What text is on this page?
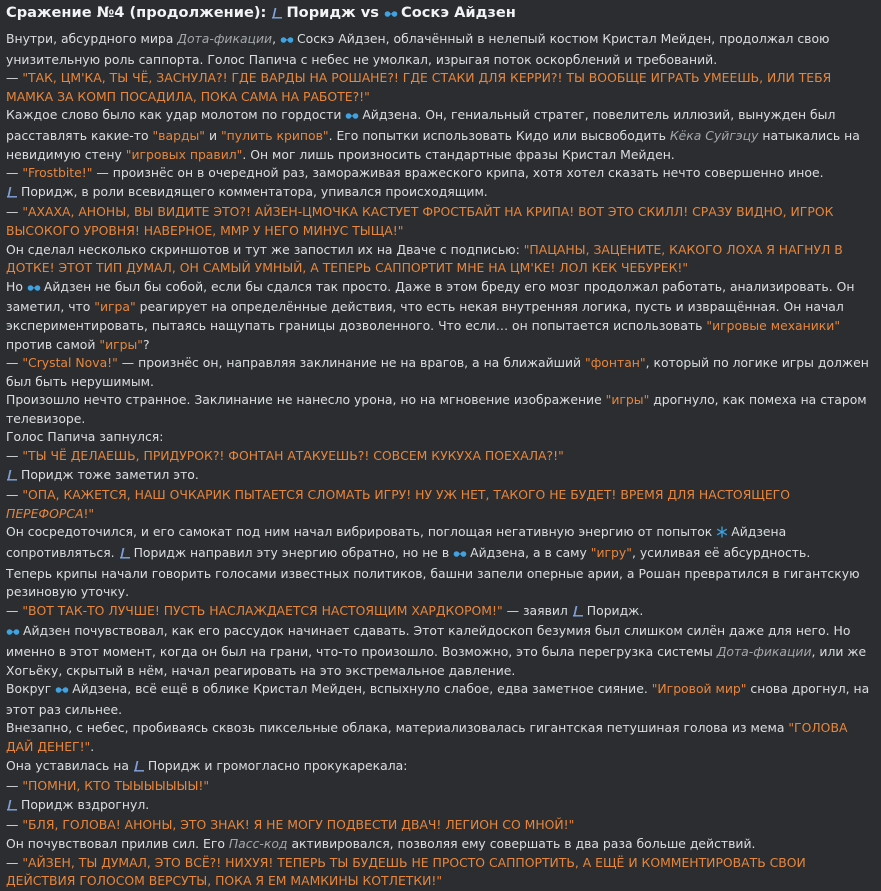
Сражение №4 (продолжение): Поридж vs Соскэ Айдзен
Внутри, абсурдного мира Дота-фикации, Соскэ Айдзен, облачённый в нелепый костюм Кристал Мейден, продолжал свою унизительную роль саппорта. Голос Папича с небес не умолкал, изрыгая поток оскорблений и требований.
— "ТАК, ЦМ'КА, ТЫ ЧЁ, ЗАСНУЛА?! ГДЕ ВАРДЫ НА РОШАНЕ?! ГДЕ СТАКИ ДЛЯ КЕРРИ?! ТЫ ВООБЩЕ ИГРАТЬ УМЕЕШЬ, ИЛИ ТЕБЯ МАМКА ЗА КОМП ПОСАДИЛА, ПОКА САМА НА РАБОТЕ?!"
Каждое слово было как удар молотом по гордости Айдзена. Он, гениальный стратег, повелитель иллюзий, вынужден был расставлять какие-то "варды" и "пулить крипов". Его попытки использовать Кидо или высвободить Кёка Суйгэцу натыкались на невидимую стену "игровых правил". Он мог лишь произносить стандартные фразы Кристал Мейден.
— "Frostbite!" — произнёс он в очередной раз, замораживая вражеского крипа, хотя хотел сказать нечто совершенно иное.
Поридж, в роли всевидящего комментатора, упивался происходящим.
— "АХАХА, АНОНЫ, ВЫ ВИДИТЕ ЭТО?! АЙЗЕН-ЦМОЧКА КАСТУЕТ ФРОСТБАЙТ НА КРИПА! ВОТ ЭТО СКИЛЛ! СРАЗУ ВИДНО, ИГРОК ВЫСОКОГО УРОВНЯ! НАВЕРНОЕ, ММР У НЕГО МИНУС ТЫЩА!"
Он сделал несколько скриншотов и тут же запостил их на Дваче с подписью: "ПАЦАНЫ, ЗАЦЕНИТЕ, КАКОГО ЛОХА Я НАГНУЛ В ДОТКЕ! ЭТОТ ТИП ДУМАЛ, ОН САМЫЙ УМНЫЙ, А ТЕПЕРЬ САППОРТИТ МНЕ НА ЦМ'КЕ! ЛОЛ КЕК ЧЕБУРЕК!"
Но Айдзен не был бы собой, если бы сдался так просто. Даже в этом бреду его мозг продолжал работать, анализировать. Он заметил, что "игра" реагирует на определённые действия, что есть некая внутренняя логика, пусть и извращённая. Он начал экспериментировать, пытаясь нащупать границы дозволенного. Что если… он попытается использовать "игровые механики" против самой "игры"?
— "Crystal Nova!" — произнёс он, направляя заклинание не на врагов, а на ближайший "фонтан", который по логике игры должен был быть нерушимым.
Произошло нечто странное. Заклинание не нанесло урона, но на мгновение изображение "игры" дрогнуло, как помеха на старом телевизоре.
Голос Папича запнулся:
— "ТЫ ЧЁ ДЕЛАЕШЬ, ПРИДУРОК?! ФОНТАН АТАКУЕШЬ?! СОВСЕМ КУКУХА ПОЕХАЛА?!"
Поридж тоже заметил это.
— "ОПА, КАЖЕТСЯ, НАШ ОЧКАРИК ПЫТАЕТСЯ СЛОМАТЬ ИГРУ! НУ УЖ НЕТ, ТАКОГО НЕ БУДЕТ! ВРЕМЯ ДЛЯ НАСТОЯЩЕГО ПЕРЕФОРСА!"
Он сосредоточился, и его самокат под ним начал вибрировать, поглощая негативную энергию от попыток Айдзена сопротивляться. Поридж направил эту энергию обратно, но не в Айдзена, а в саму "игру", усиливая её абсурдность.
Теперь крипы начали говорить голосами известных политиков, башни запели оперные арии, а Рошан превратился в гигантскую резиновую уточку.
— "ВОТ ТАК-ТО ЛУЧШЕ! ПУСТЬ НАСЛАЖДАЕТСЯ НАСТОЯЩИМ ХАРДКОРОМ!" — заявил Поридж.
Айдзен почувствовал, как его рассудок начинает сдавать. Этот калейдоскоп безумия был слишком силён даже для него. Но именно в этот момент, когда он был на грани, что-то произошло. Возможно, это была перегрузка системы Дота-фикации, или же Хогьёку, скрытый в нём, начал реагировать на это экстремальное давление.
Вокруг Айдзена, всё ещё в облике Кристал Мейден, вспыхнуло слабое, едва заметное сияние. "Игровой мир" снова дрогнул, на этот раз сильнее.
Внезапно, с небес, пробиваясь сквозь пиксельные облака, материализовалась гигантская петушиная голова из мема "ГОЛОВА ДАЙ ДЕНЕГ!".
Она уставилась на Поридж и громогласно прокукарекала:
— "ПОМНИ, КТО ТЫЫЫЫЫЫЫ!"
Поридж вздрогнул.
— "БЛЯ, ГОЛОВА! АНОНЫ, ЭТО ЗНАК! Я НЕ МОГУ ПОДВЕСТИ ДВАЧ! ЛЕГИОН СО МНОЙ!"
Он почувствовал прилив сил. Его Пасс-код активировался, позволяя ему совершать в два раза больше действий.
— "АЙЗЕН, ТЫ ДУМАЛ, ЭТО ВСЁ?! НИХУЯ! ТЕПЕРЬ ТЫ БУДЕШЬ НЕ ПРОСТО САППОРТИТЬ, А ЕЩЁ И КОММЕНТИРОВАТЬ СВОИ ДЕЙСТВИЯ ГОЛОСОМ ВЕРСУТЫ, ПОКА Я ЕМ МАМКИНЫ КОТЛЕТКИ!"
